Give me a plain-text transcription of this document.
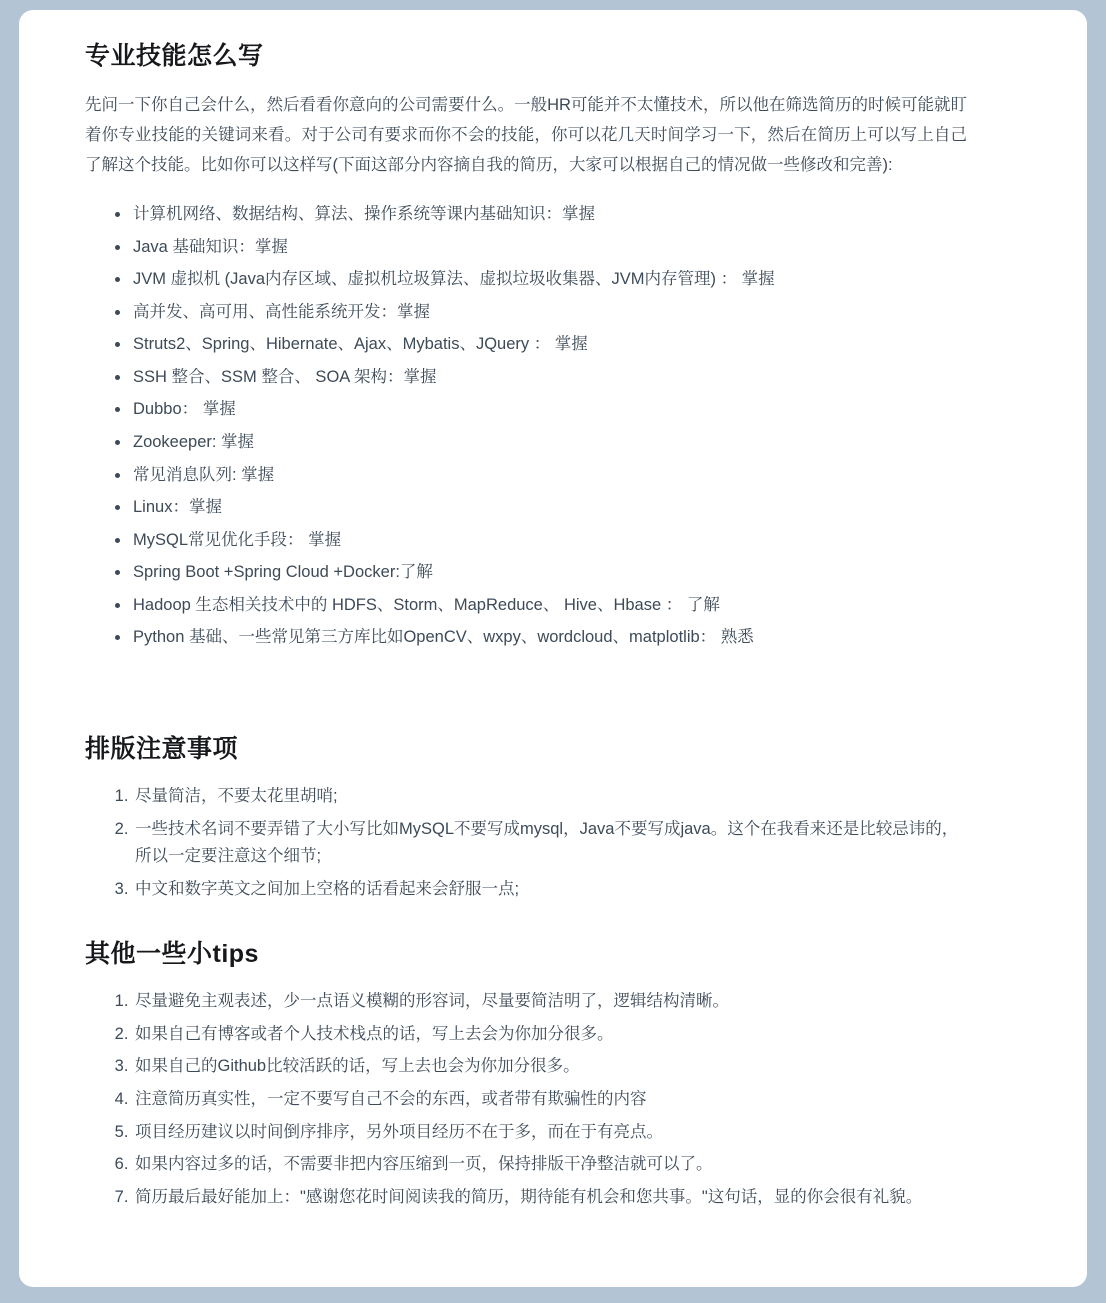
专业技能怎么写

先问一下你自己会什么，然后看看你意向的公司需要什么。一般HR可能并不太懂技术，所以他在筛选简历的时候可能就盯着你专业技能的关键词来看。对于公司有要求而你不会的技能，你可以花几天时间学习一下，然后在简历上可以写上自己了解这个技能。比如你可以这样写(下面这部分内容摘自我的简历，大家可以根据自己的情况做一些修改和完善):

• 计算机网络、数据结构、算法、操作系统等课内基础知识：掌握
• Java 基础知识：掌握
• JVM 虚拟机 (Java内存区域、虚拟机垃圾算法、虚拟垃圾收集器、JVM内存管理) ： 掌握
• 高并发、高可用、高性能系统开发：掌握
• Struts2、Spring、Hibernate、Ajax、Mybatis、JQuery ： 掌握
• SSH 整合、SSM 整合、 SOA 架构：掌握
• Dubbo： 掌握
• Zookeeper: 掌握
• 常见消息队列: 掌握
• Linux：掌握
• MySQL常见优化手段： 掌握
• Spring Boot +Spring Cloud +Docker:了解
• Hadoop 生态相关技术中的 HDFS、Storm、MapReduce、 Hive、Hbase ： 了解
• Python 基础、一些常见第三方库比如OpenCV、wxpy、wordcloud、matplotlib： 熟悉
排版注意事项
1. 尽量简洁，不要太花里胡哨;
2. 一些技术名词不要弄错了大小写比如MySQL不要写成mysql，Java不要写成java。这个在我看来还是比较忌讳的，所以一定要注意这个细节;
3. 中文和数字英文之间加上空格的话看起来会舒服一点;
其他一些小tips
1. 尽量避免主观表述，少一点语义模糊的形容词，尽量要简洁明了，逻辑结构清晰。
2. 如果自己有博客或者个人技术栈点的话，写上去会为你加分很多。
3. 如果自己的Github比较活跃的话，写上去也会为你加分很多。
4. 注意简历真实性，一定不要写自己不会的东西，或者带有欺骗性的内容
5. 项目经历建议以时间倒序排序，另外项目经历不在于多，而在于有亮点。
6. 如果内容过多的话，不需要非把内容压缩到一页，保持排版干净整洁就可以了。
7. 简历最后最好能加上："感谢您花时间阅读我的简历，期待能有机会和您共事。"这句话，显的你会很有礼貌。
